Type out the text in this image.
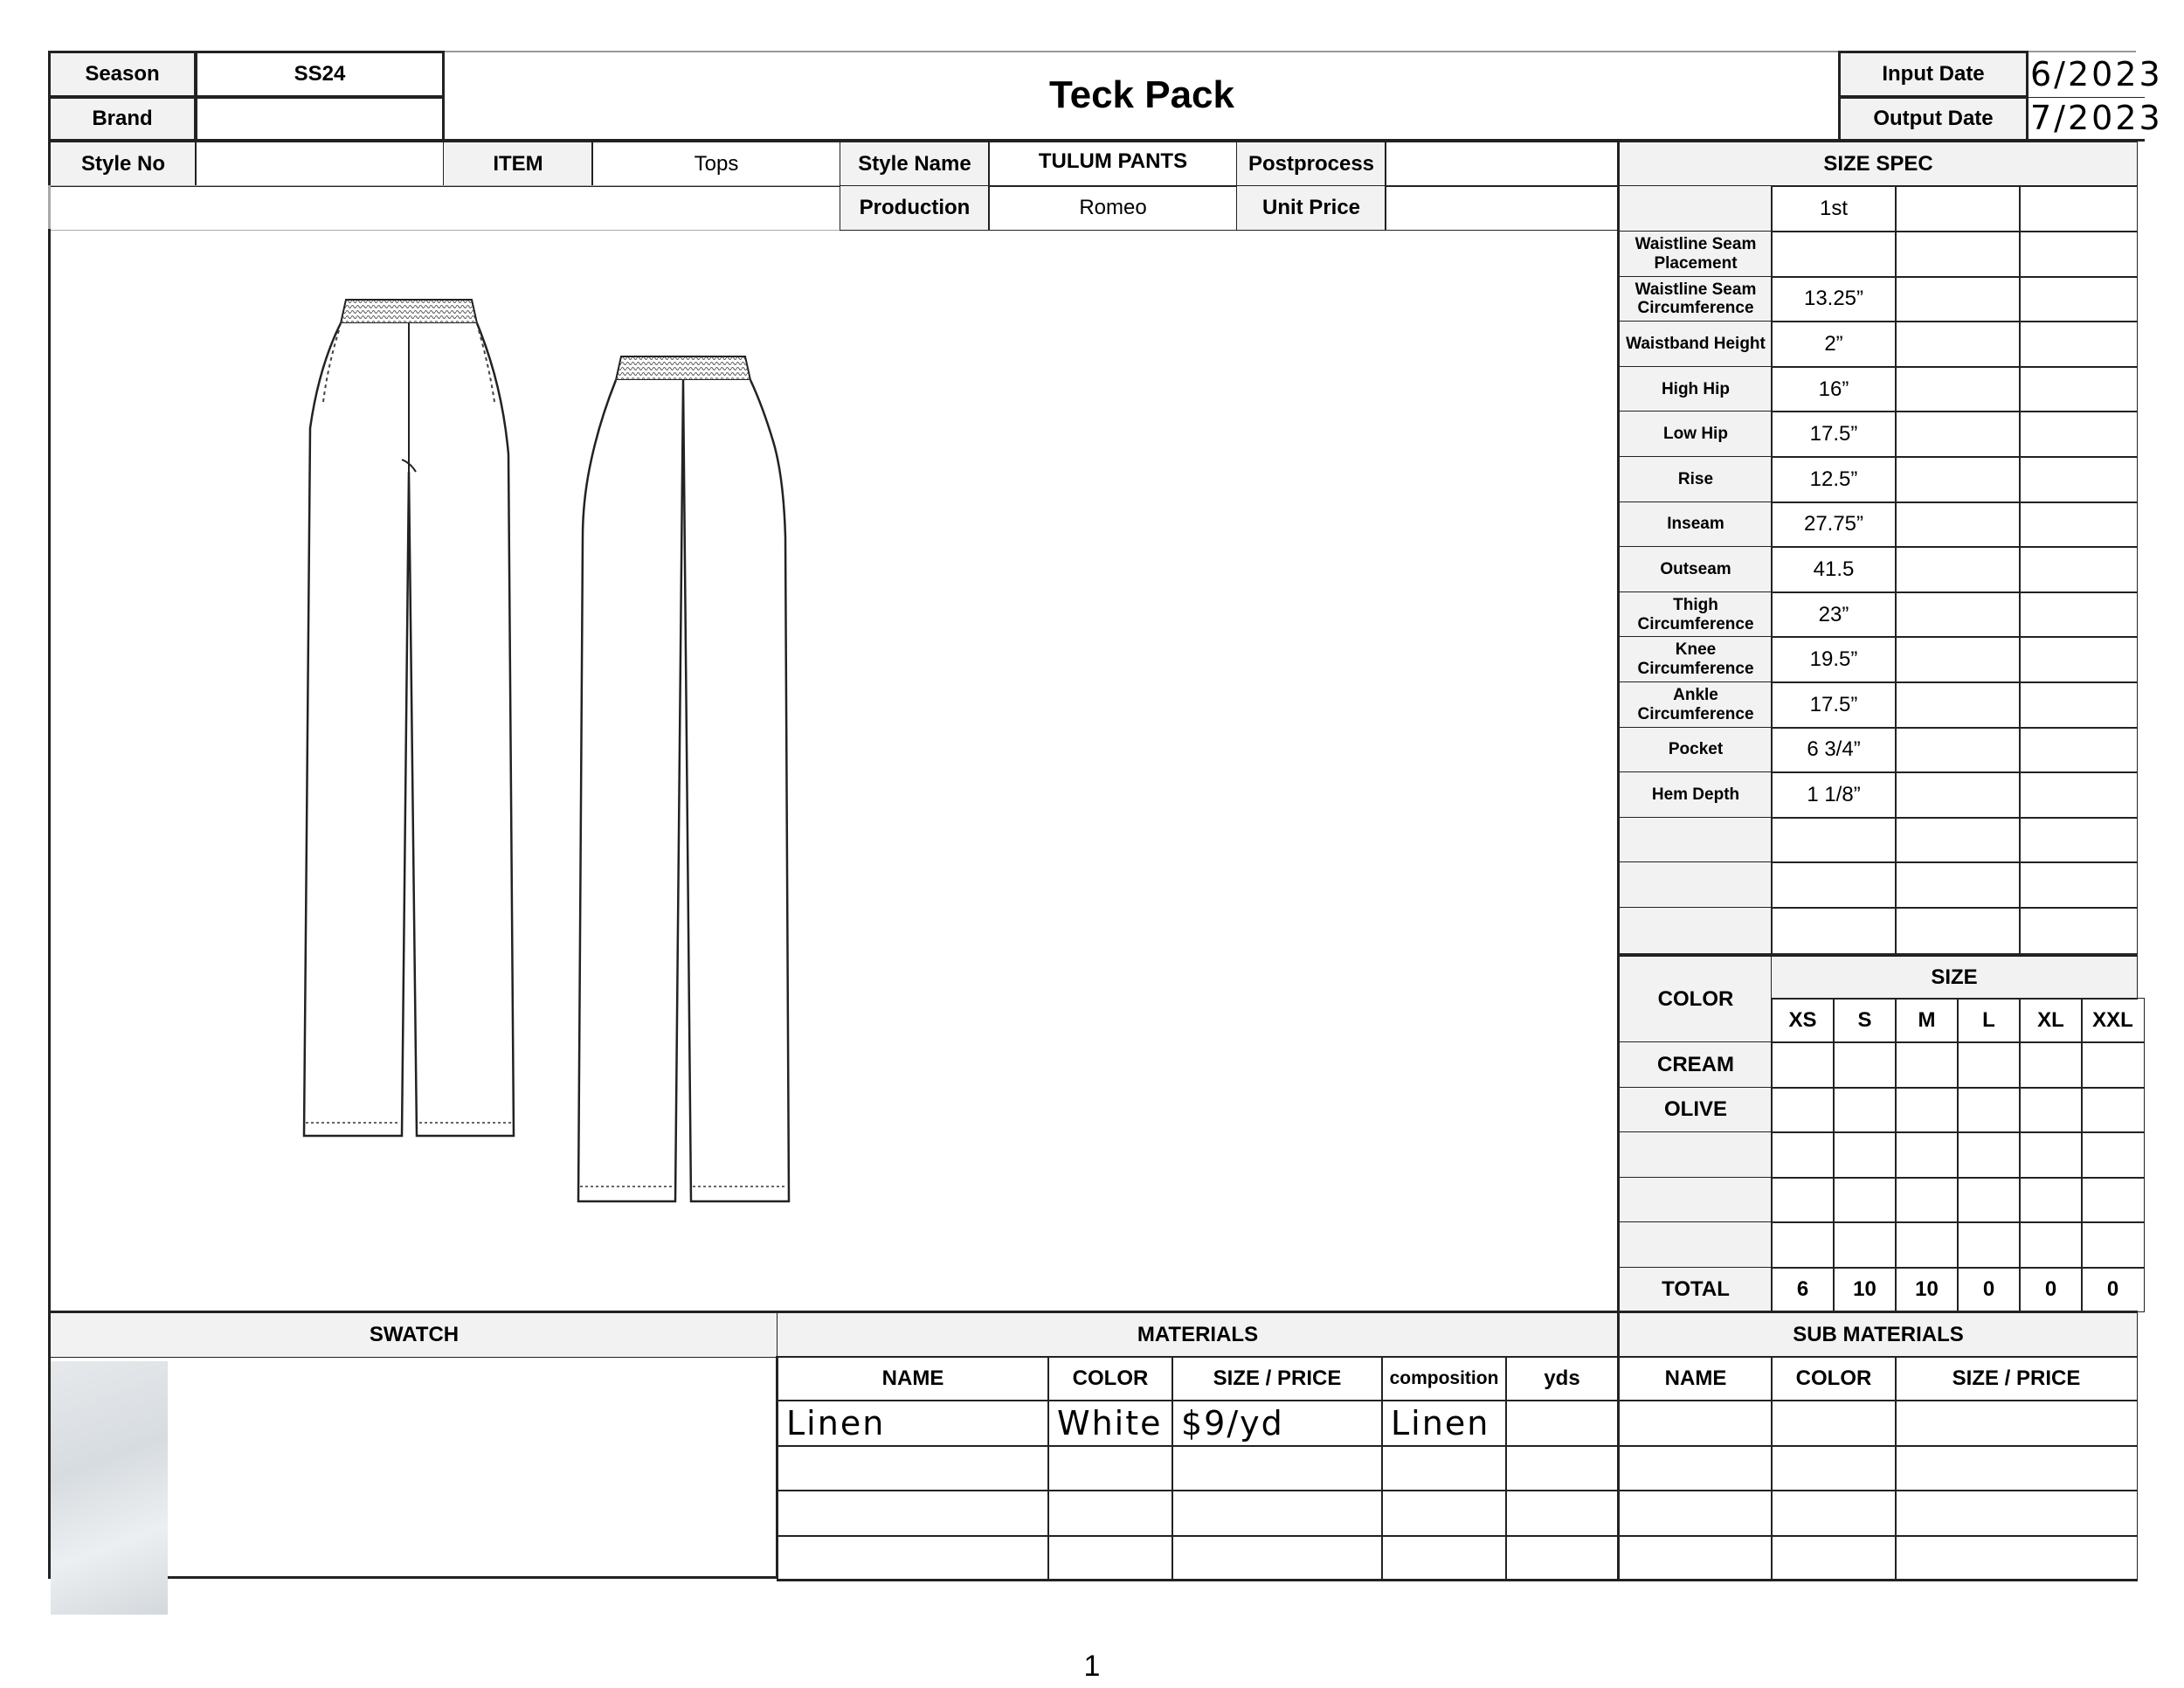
Season	SS24
Brand
Teck Pack	Input Date	6/2023
Output Date	7/2023
Style No	ITEM	Tops	Style Name	TULUM PANTS	Postprocess
Production	Romeo	Unit Price
SIZE SPEC
1st
Waistline Seam Placement
Waistline Seam Circumference	13.25”
Waistband Height	2”
High Hip	16”
Low Hip	17.5”
Rise	12.5”
Inseam	27.75”
Outseam	41.5
Thigh Circumference	23”
Knee Circumference	19.5”
Ankle Circumference	17.5”
Pocket	6 3/4”
Hem Depth	1 1/8”
COLOR
SIZE
XS	S	M	L	XL	XXL
CREAM
OLIVE
TOTAL	6	10	10	0	0	0
SWATCH	MATERIALS
NAME	COLOR	SIZE / PRICE	composition	yds
Linen	White $9/yd	Linen
SUB MATERIALS
NAME	COLOR	SIZE / PRICE
1
